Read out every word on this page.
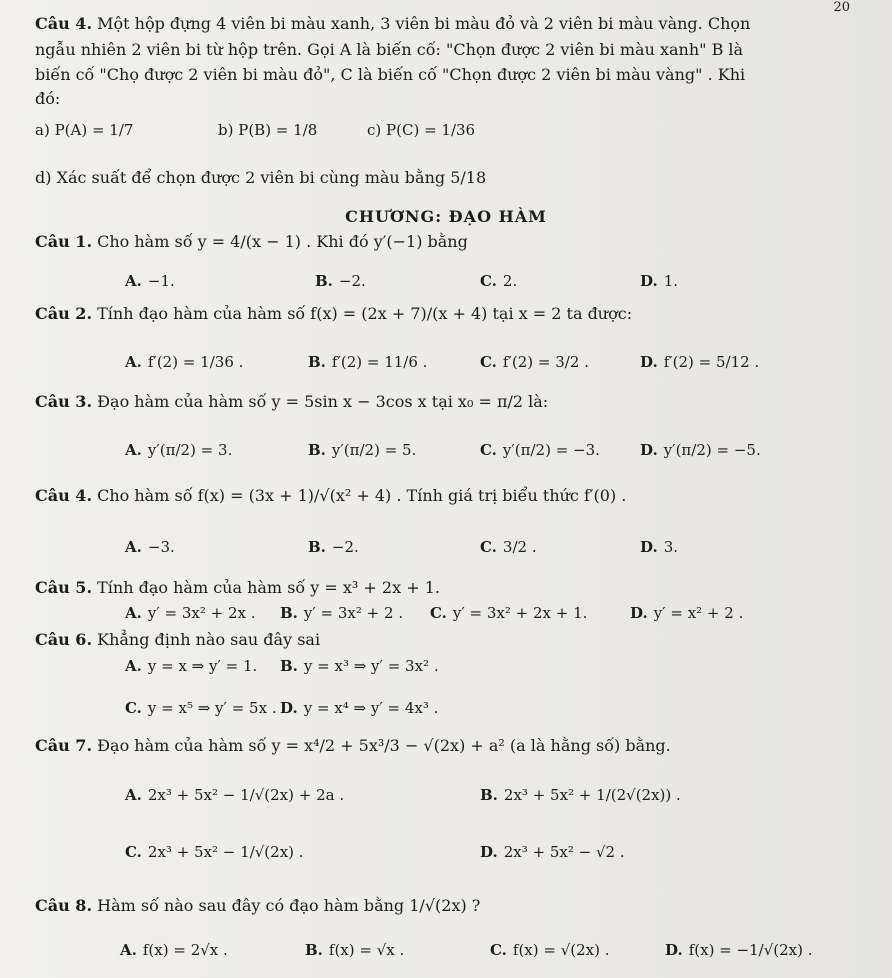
20
Câu 4. Một hộp đựng 4 viên bi màu xanh, 3 viên bi màu đỏ và 2 viên bi màu vàng. Chọn
ngẫu nhiên 2 viên bi từ hộp trên. Gọi A là biến cố: "Chọn được 2 viên bi màu xanh" B là
biến cố "Chọ được 2 viên bi màu đỏ", C là biến cố "Chọn được 2 viên bi màu vàng" . Khi
đó:
a) P(A) = 1/7	b) P(B) = 1/8	c) P(C) = 1/36
d) Xác suất để chọn được 2 viên bi cùng màu bằng 5/18
CHƯƠNG: ĐẠO HÀM
Câu 1. Cho hàm số y = 4/(x − 1) . Khi đó y′(−1) bằng
A. −1.	B. −2.	C. 2.	D. 1.
Câu 2. Tính đạo hàm của hàm số f(x) = (2x + 7)/(x + 4) tại x = 2 ta được:
A. f′(2) = 1/36 .	B. f′(2) = 11/6 .	C. f′(2) = 3/2 .	D. f′(2) = 5/12 .
Câu 3. Đạo hàm của hàm số y = 5sin x − 3cos x tại x₀ = π/2 là:
A. y′(π/2) = 3.	B. y′(π/2) = 5.	C. y′(π/2) = −3.	D. y′(π/2) = −5.
Câu 4. Cho hàm số f(x) = (3x + 1)/√(x² + 4) . Tính giá trị biểu thức f′(0) .
A. −3.	B. −2.	C. 3/2 .	D. 3.
Câu 5. Tính đạo hàm của hàm số y = x³ + 2x + 1.
A. y′ = 3x² + 2x . B. y′ = 3x² + 2 . C. y′ = 3x² + 2x + 1.	D. y′ = x² + 2 .
Câu 6. Khẳng định nào sau đây sai
A. y = x ⇒ y′ = 1. B. y = x³ ⇒ y′ = 3x² .
C. y = x⁵ ⇒ y′ = 5x . D. y = x⁴ ⇒ y′ = 4x³ .
Câu 7. Đạo hàm của hàm số y = x⁴/2 + 5x³/3 − √(2x) + a² (a là hằng số) bằng.
A. 2x³ + 5x² − 1/√(2x) + 2a .	B. 2x³ + 5x² + 1/(2√(2x)) .
C. 2x³ + 5x² − 1/√(2x) .	D. 2x³ + 5x² − √2 .
Câu 8. Hàm số nào sau đây có đạo hàm bằng 1/√(2x) ?
A. f(x) = 2√x .	B. f(x) = √x .	C. f(x) = √(2x) .	D. f(x) = −1/√(2x) .
